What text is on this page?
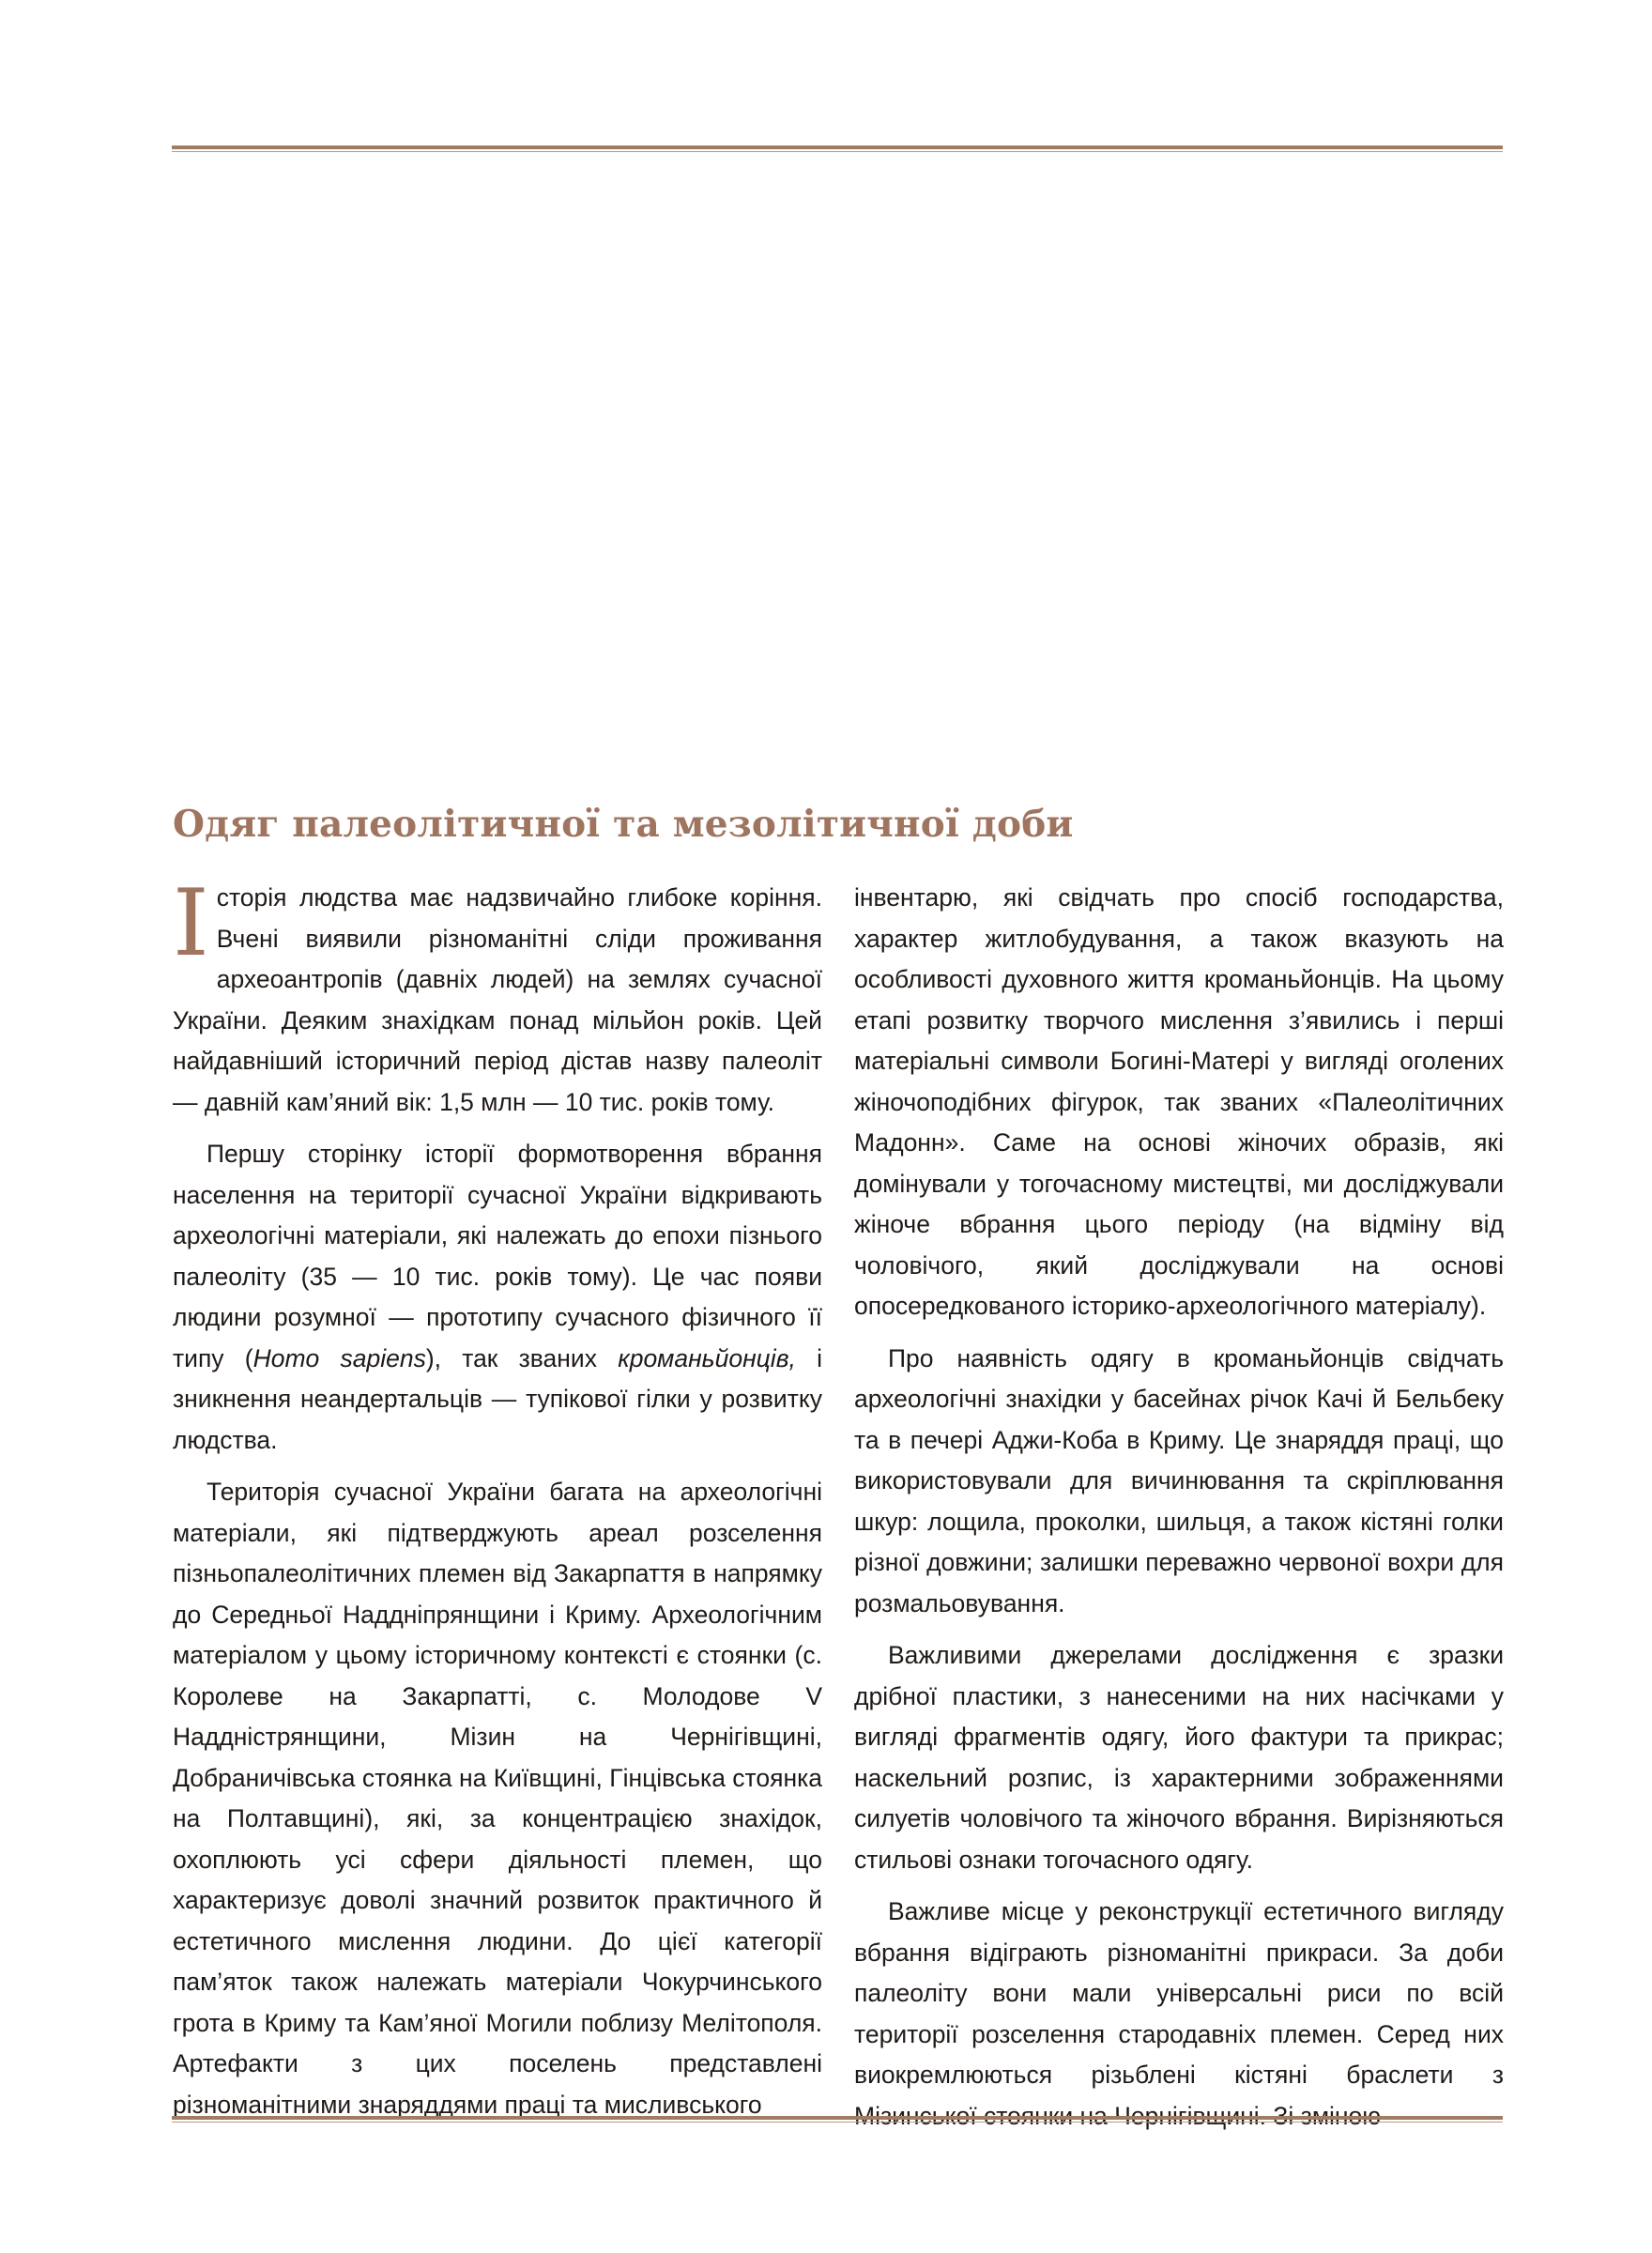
Одяг палеолітичної та мезолітичної доби

Історія людства має надзвичайно глибоке коріння. Вчені виявили різноманітні сліди проживання археоантропів (давніх людей) на землях сучасної України. Деяким знахідкам понад мільйон років. Цей найдавніший історичний період дістав назву палеоліт — давній кам’яний вік: 1,5 млн — 10 тис. років тому.

Першу сторінку історії формотворення вбрання населення на території сучасної України відкривають археологічні матеріали, які належать до епохи пізнього палеоліту (35 — 10 тис. років тому). Це час появи людини розумної — прототипу сучасного фізичного її типу (Homo sapiens), так званих кроманьйонців, і зникнення неандертальців — тупікової гілки у розвитку людства.

Територія сучасної України багата на археологічні матеріали, які підтверджують ареал розселення пізньопалеолітичних племен від Закарпаття в напрямку до Середньої Наддніпрянщини і Криму. Археологічним матеріалом у цьому історичному контексті є стоянки (с. Королеве на Закарпатті, с. Молодове V Наддністрянщини, Мізин на Чернігівщині, Добраничівська стоянка на Київщині, Гінцівська стоянка на Полтавщині), які, за концентрацією знахідок, охоплюють усі сфери діяльності племен, що характеризує доволі значний розвиток практичного й естетичного мислення людини. До цієї категорії пам’яток також належать матеріали Чокурчинського грота в Криму та Кам’яної Могили поблизу Мелітополя. Артефакти з цих поселень представлені різноманітними знаряддями праці та мисливського

інвентарю, які свідчать про спосіб господарства, характер житлобудування, а також вказують на особливості духовного життя кроманьйонців. На цьому етапі розвитку творчого мислення з’явились і перші матеріальні символи Богині-Матері у вигляді оголених жіночоподібних фігурок, так званих «Палеолітичних Мадонн». Саме на основі жіночих образів, які домінували у тогочасному мистецтві, ми досліджували жіноче вбрання цього періоду (на відміну від чоловічого, який досліджували на основі опосередкованого історико-археологічного матеріалу).

Про наявність одягу в кроманьйонців свідчать археологічні знахідки у басейнах річок Качі й Бельбеку та в печері Аджи-Коба в Криму. Це знаряддя праці, що використовували для вичинювання та скріплювання шкур: лощила, проколки, шильця, а також кістяні голки різної довжини; залишки переважно червоної вохри для розмальовування.

Важливими джерелами дослідження є зразки дрібної пластики, з нанесеними на них насічками у вигляді фрагментів одягу, його фактури та прикрас; наскельний розпис, із характерними зображеннями силуетів чоловічого та жіночого вбрання. Вирізняються стильові ознаки тогочасного одягу.

Важливе місце у реконструкції естетичного вигляду вбрання відіграють різноманітні прикраси. За доби палеоліту вони мали універсальні риси по всій території розселення стародавніх племен. Серед них виокремлюються різьблені кістяні браслети з Мізинської стоянки на Чернігівщині. Зі зміною
